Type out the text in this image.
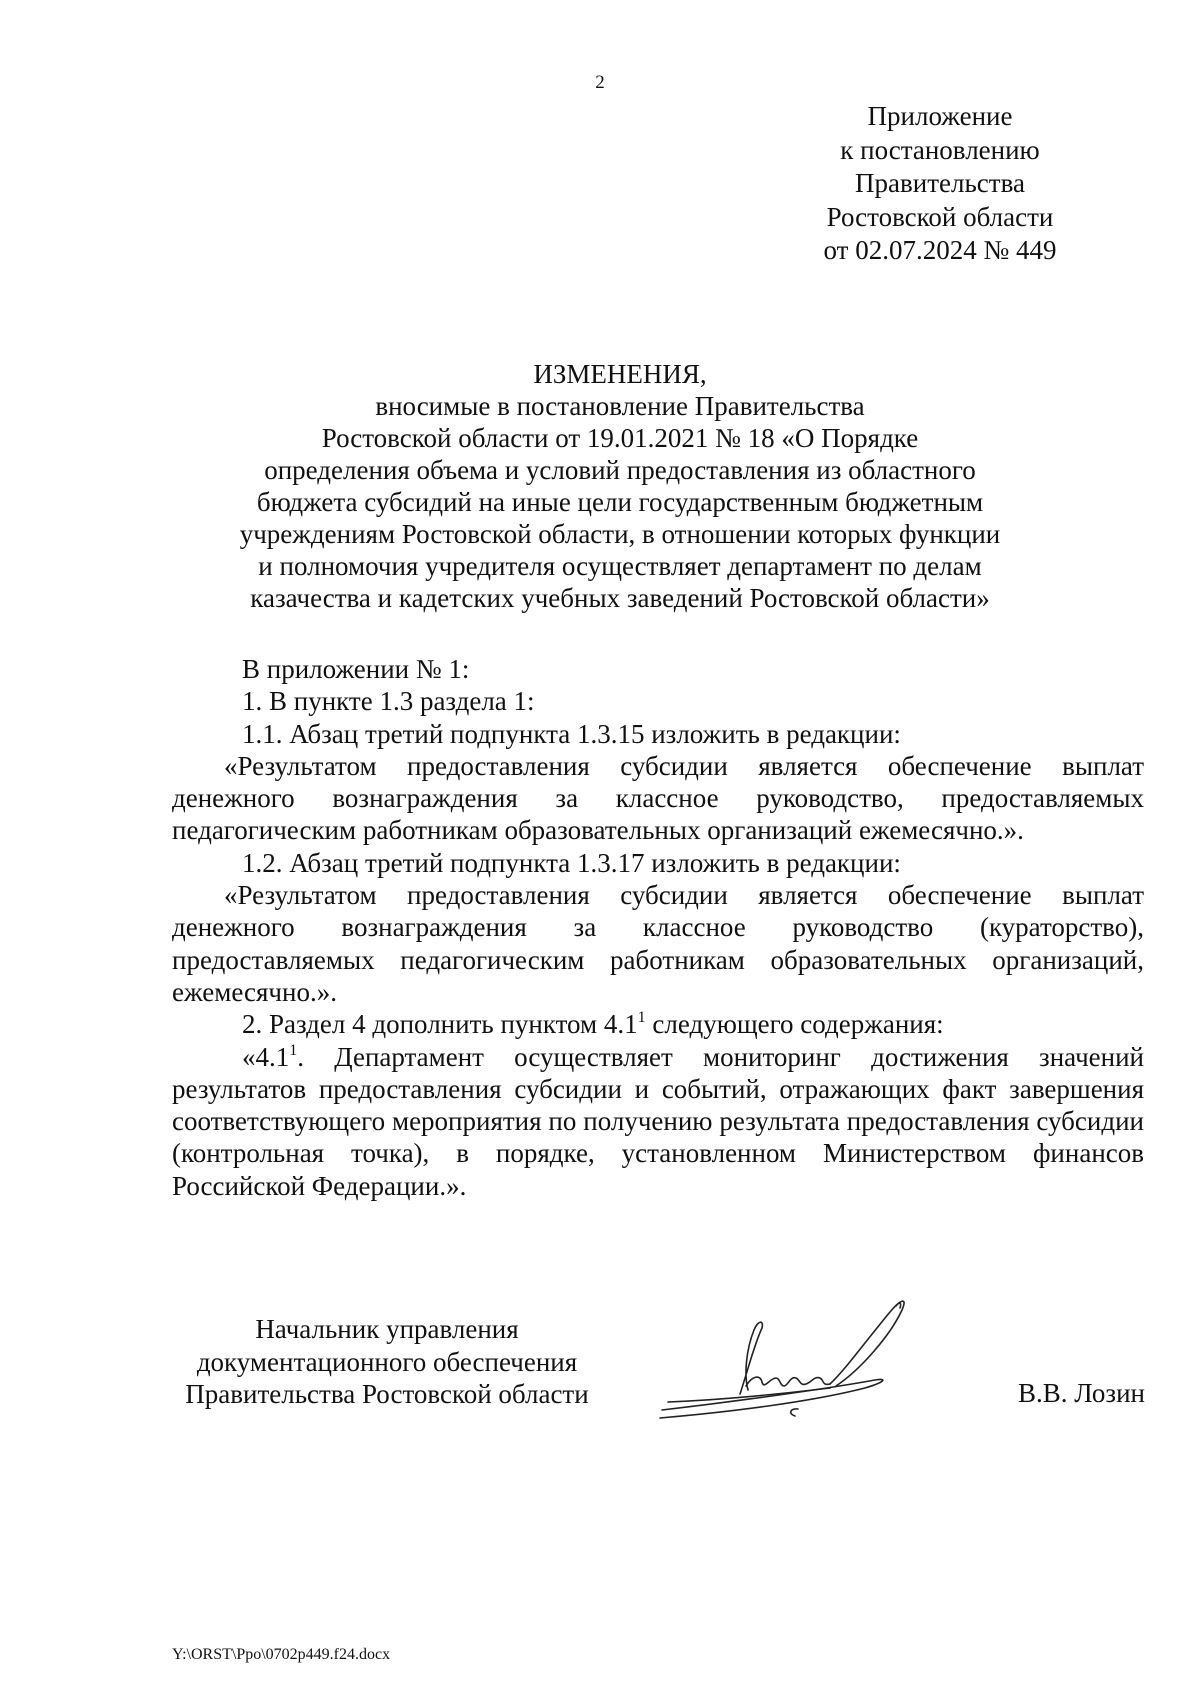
2
Приложение
к постановлению
Правительства
Ростовской области
от 02.07.2024 № 449
ИЗМЕНЕНИЯ,
вносимые в постановление Правительства
Ростовской области от 19.01.2021 № 18 «О Порядке
определения объема и условий предоставления из областного
бюджета субсидий на иные цели государственным бюджетным
учреждениям Ростовской области, в отношении которых функции
и полномочия учредителя осуществляет департамент по делам
казачества и кадетских учебных заведений Ростовской области»

В приложении № 1:

1. В пункте 1.3 раздела 1:

1.1. Абзац третий подпункта 1.3.15 изложить в редакции:

«Результатом предоставления субсидии является обеспечение выплат денежного вознаграждения за классное руководство, предоставляемых педагогическим работникам образовательных организаций ежемесячно.».

1.2. Абзац третий подпункта 1.3.17 изложить в редакции:

«Результатом предоставления субсидии является обеспечение выплат денежного вознаграждения за классное руководство (кураторство), предоставляемых педагогическим работникам образовательных организаций, ежемесячно.».

2. Раздел 4 дополнить пунктом $4.1^1$ следующего содержания:

«$4.1^1$. Департамент осуществляет мониторинг достижения значений результатов предоставления субсидии и событий, отражающих факт завершения соответствующего мероприятия по получению результата предоставления субсидии (контрольная точка), в порядке, установленном Министерством финансов Российской Федерации.».

Начальник управления
документационного обеспечения
Правительства Ростовской области	В.В. Лозин
Y:\ORST\Ppo\0702p449.f24.docx
